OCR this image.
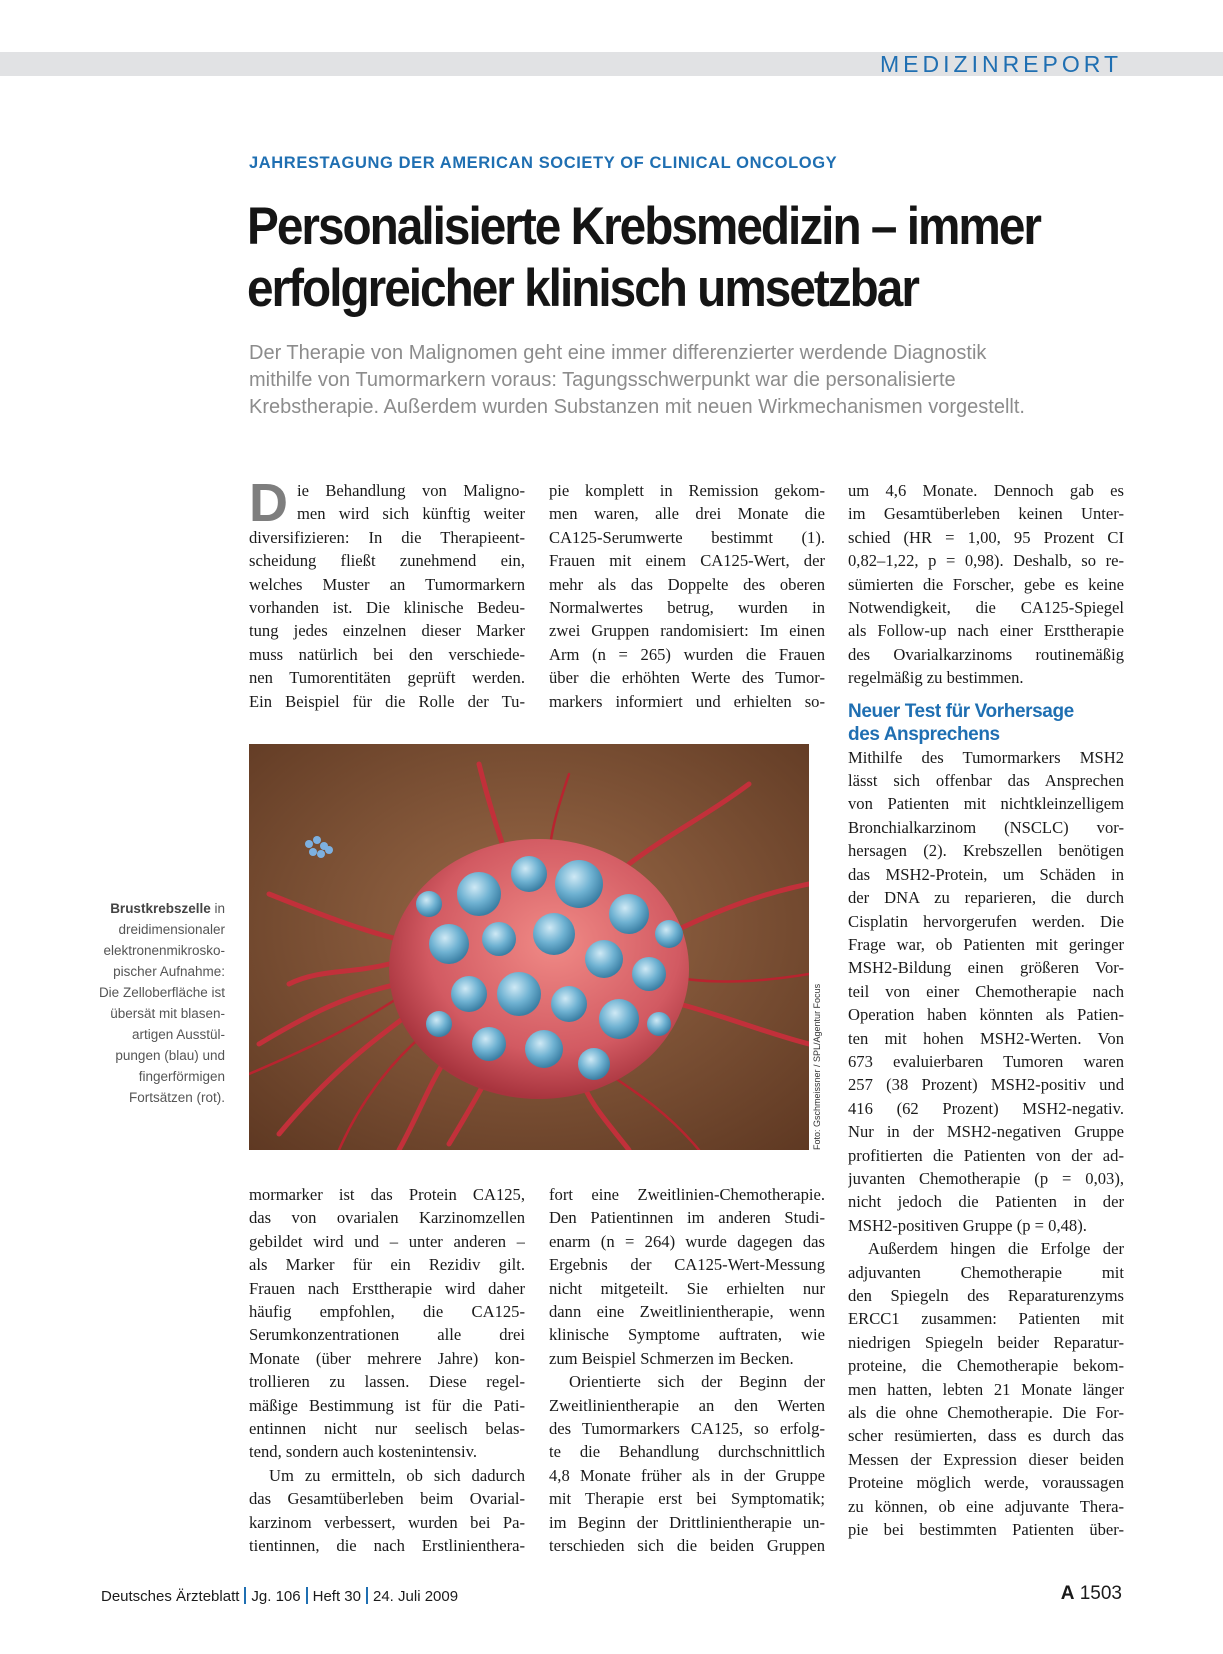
MEDIZINREPORT
JAHRESTAGUNG DER AMERICAN SOCIETY OF CLINICAL ONCOLOGY
Personalisierte Krebsmedizin – immer
erfolgreicher klinisch umsetzbar

Der Therapie von Malignomen geht eine immer differenzierter werdende Diagnostik
mithilfe von Tumormarkern voraus: Tagungsschwerpunkt war die personalisierte
Krebstherapie. Außerdem wurden Substanzen mit neuen Wirkmechanismen vorgestellt.

D ie Behandlung von Maligno-
men wird sich künftig weiter
diversifizieren: In die Therapieent-
scheidung fließt zunehmend ein,
welches Muster an Tumormarkern
vorhanden ist. Die klinische Bedeu-
tung jedes einzelnen dieser Marker
muss natürlich bei den verschiede-
nen Tumorentitäten geprüft werden.
Ein Beispiel für die Rolle der Tu-

pie komplett in Remission gekom-
men waren, alle drei Monate die
CA125-Serumwerte bestimmt (1).
Frauen mit einem CA125-Wert, der
mehr als das Doppelte des oberen
Normalwertes betrug, wurden in
zwei Gruppen randomisiert: Im einen
Arm (n = 265) wurden die Frauen
über die erhöhten Werte des Tumor-
markers informiert und erhielten so-

um 4,6 Monate. Dennoch gab es
im Gesamtüberleben keinen Unter-
schied (HR = 1,00, 95 Prozent CI
0,82–1,22, p = 0,98). Deshalb, so re-
sümierten die Forscher, gebe es keine
Notwendigkeit, die CA125-Spiegel
als Follow-up nach einer Ersttherapie
des Ovarialkarzinoms routinemäßig
regelmäßig zu bestimmen.

Neuer Test für Vorhersage
des Ansprechens

Mithilfe des Tumormarkers MSH2
lässt sich offenbar das Ansprechen
von Patienten mit nichtkleinzelligem
Bronchialkarzinom (NSCLC) vor-
hersagen (2). Krebszellen benötigen
das MSH2-Protein, um Schäden in
der DNA zu reparieren, die durch
Cisplatin hervorgerufen werden. Die
Frage war, ob Patienten mit geringer
MSH2-Bildung einen größeren Vor-
teil von einer Chemotherapie nach
Operation haben könnten als Patien-
ten mit hohen MSH2-Werten. Von
673 evaluierbaren Tumoren waren
257 (38 Prozent) MSH2-positiv und
416 (62 Prozent) MSH2-negativ.
Nur in der MSH2-negativen Gruppe
profitierten die Patienten von der ad-
juvanten Chemotherapie (p = 0,03),
nicht jedoch die Patienten in der
MSH2-positiven Gruppe (p = 0,48).

Außerdem hingen die Erfolge der
adjuvanten Chemotherapie mit
den Spiegeln des Reparaturenzyms
ERCC1 zusammen: Patienten mit
niedrigen Spiegeln beider Reparatur-
proteine, die Chemotherapie bekom-
men hatten, lebten 21 Monate länger
als die ohne Chemotherapie. Die For-
scher resümierten, dass es durch das
Messen der Expression dieser beiden
Proteine möglich werde, voraussagen
zu können, ob eine adjuvante Thera-
pie bei bestimmten Patienten über-

Foto: Gschmeissner / SPL/Agentur Focus

Brustkrebszelle in
dreidimensionaler
elektronenmikrosko-
pischer Aufnahme:
Die Zelloberfläche ist
übersät mit blasen-
artigen Ausstül-
pungen (blau) und
fingerförmigen
Fortsätzen (rot).

mormarker ist das Protein CA125,
das von ovarialen Karzinomzellen
gebildet wird und – unter anderen –
als Marker für ein Rezidiv gilt.
Frauen nach Ersttherapie wird daher
häufig empfohlen, die CA125-
Serumkonzentrationen alle drei
Monate (über mehrere Jahre) kon-
trollieren zu lassen. Diese regel-
mäßige Bestimmung ist für die Pati-
entinnen nicht nur seelisch belas-
tend, sondern auch kostenintensiv.

Um zu ermitteln, ob sich dadurch
das Gesamtüberleben beim Ovarial-
karzinom verbessert, wurden bei Pa-
tientinnen, die nach Erstlinienthera-

fort eine Zweitlinien-Chemotherapie.
Den Patientinnen im anderen Studi-
enarm (n = 264) wurde dagegen das
Ergebnis der CA125-Wert-Messung
nicht mitgeteilt. Sie erhielten nur
dann eine Zweitlinientherapie, wenn
klinische Symptome auftraten, wie
zum Beispiel Schmerzen im Becken.

Orientierte sich der Beginn der
Zweitlinientherapie an den Werten
des Tumormarkers CA125, so erfolg-
te die Behandlung durchschnittlich
4,8 Monate früher als in der Gruppe
mit Therapie erst bei Symptomatik;
im Beginn der Drittlinientherapie un-
terschieden sich die beiden Gruppen

Deutsches Ärzteblatt Jg. 106 Heft 30 24. Juli 2009	A 1503
